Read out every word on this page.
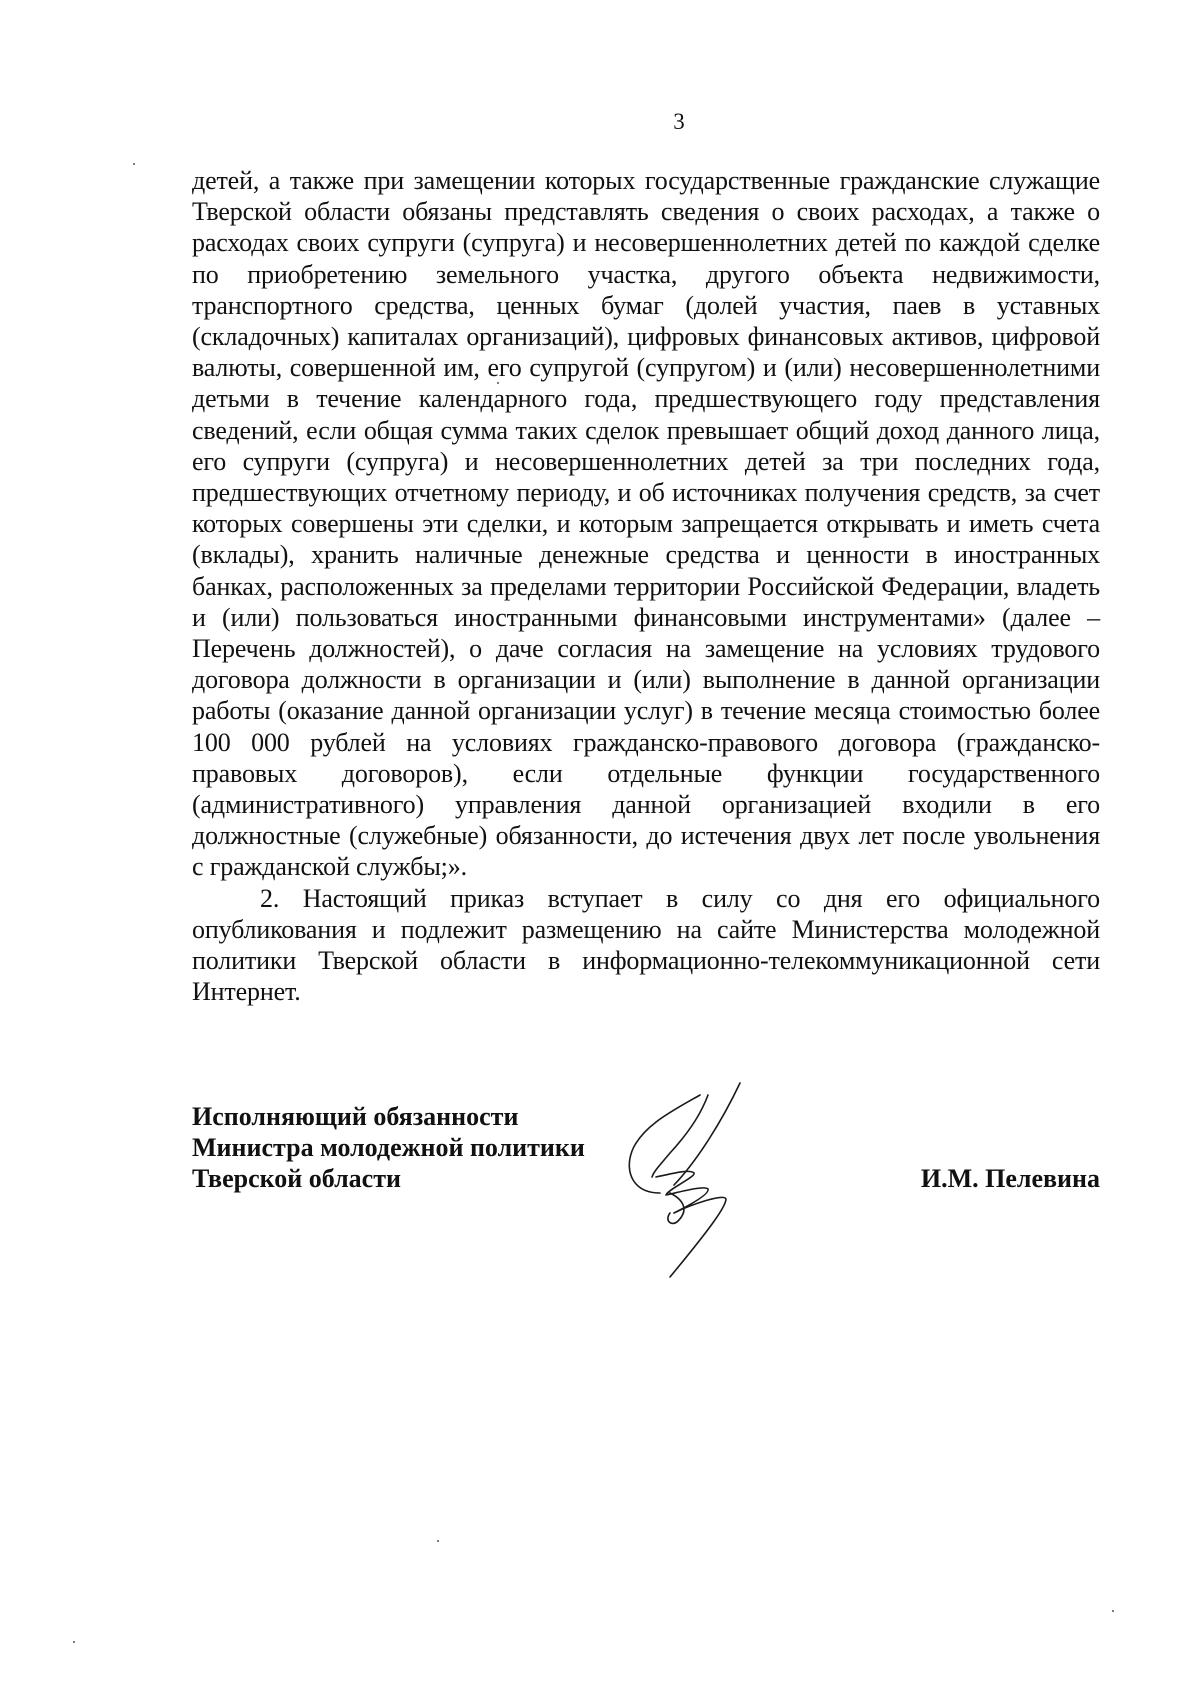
3

детей, а также при замещении которых государственные гражданские служащие Тверской области обязаны представлять сведения о своих расходах, а также о расходах своих супруги (супруга) и несовершеннолетних детей по каждой сделке по приобретению земельного участка, другого объекта недвижимости, транспортного средства, ценных бумаг (долей участия, паев в уставных (складочных) капиталах организаций), цифровых финансовых активов, цифровой валюты, совершенной им, его супругой (супругом) и (или) несовершеннолетними детьми в течение календарного года, предшествующего году представления сведений, если общая сумма таких сделок превышает общий доход данного лица, его супруги (супруга) и несовершеннолетних детей за три последних года, предшествующих отчетному периоду, и об источниках получения средств, за счет которых совершены эти сделки, и которым запрещается открывать и иметь счета (вклады), хранить наличные денежные средства и ценности в иностранных банках, расположенных за пределами территории Российской Федерации, владеть и (или) пользоваться иностранными финансовыми инструментами» (далее – Перечень должностей), о даче согласия на замещение на условиях трудового договора должности в организации и (или) выполнение в данной организации работы (оказание данной организации услуг) в течение месяца стоимостью более 100 000 рублей на условиях гражданско-правового договора (гражданско-правовых договоров), если отдельные функции государственного (административного) управления данной организацией входили в его должностные (служебные) обязанности, до истечения двух лет после увольнения с гражданской службы;».

2. Настоящий приказ вступает в силу со дня его официального опубликования и подлежит размещению на сайте Министерства молодежной политики Тверской области в информационно-телекоммуникационной сети Интернет.

Исполняющий обязанности
Министра молодежной политики
Тверской области	И.М. Пелевина
